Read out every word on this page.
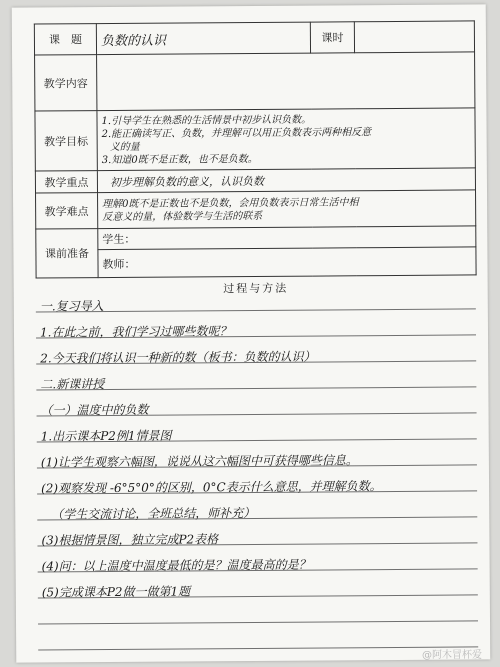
课　题	负数的认识	课时	
教学内容			
教学目标	1.引导学生在熟悉的生活情景中初步认识负数。
2.能正确读写正、负数，并理解可以用正负数表示两种相反意
义的量
3.知道0既不是正数，也不是负数。		

教学重点	初步理解负数的意义，认识负数		
教学难点	理解0既不是正数也不是负数，会用负数表示日常生活中相
反意义的量，体验数学与生活的联系		

课前准备	学生：		
	教师：		
过程与方法
一.复习导入
1.在此之前，我们学习过哪些数呢？
2.今天我们将认识一种新的数（板书：负数的认识）
二.新课讲授
（一）温度中的负数
1.出示课本P2例1情景图
(1)让学生观察六幅图，说说从这六幅图中可获得哪些信息。
(2)观察发现 -6°5°0°的区别，0°C表示什么意思，并理解负数。
（学生交流讨论，全班总结，师补充）
(3)根据情景图，独立完成P2表格
(4)问：以上温度中温度最低的是？温度最高的是？
(5)完成课本P2做一做第1题
@阿木冒杯爱
